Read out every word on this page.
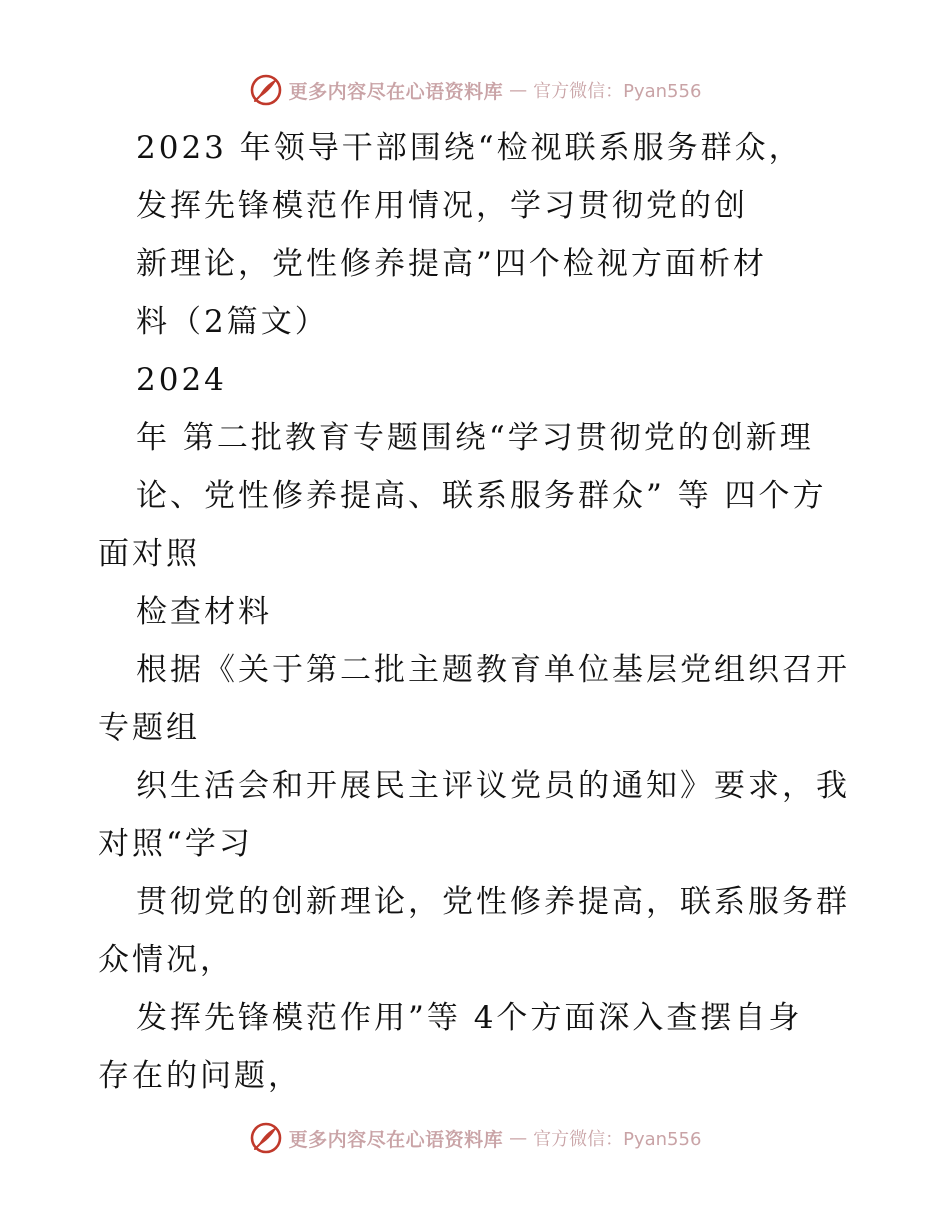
更多内容尽在心语资料库 — 官方微信：Pyan556
2023 年领导干部围绕“检视联系服务群众，
发挥先锋模范作用情况，学习贯彻党的创
新理论，党性修养提高”四个检视方面析材
料（2篇文）
2024
年 第二批教育专题围绕“学习贯彻党的创新理
论、党性修养提高、联系服务群众” 等 四个方
面对照
检查材料
根据《关于第二批主题教育单位基层党组织召开
专题组
织生活会和开展民主评议党员的通知》要求，我
对照“学习
贯彻党的创新理论，党性修养提高，联系服务群
众情况，
发挥先锋模范作用”等 4个方面深入查摆自身
存在的问题，
更多内容尽在心语资料库 — 官方微信：Pyan556
